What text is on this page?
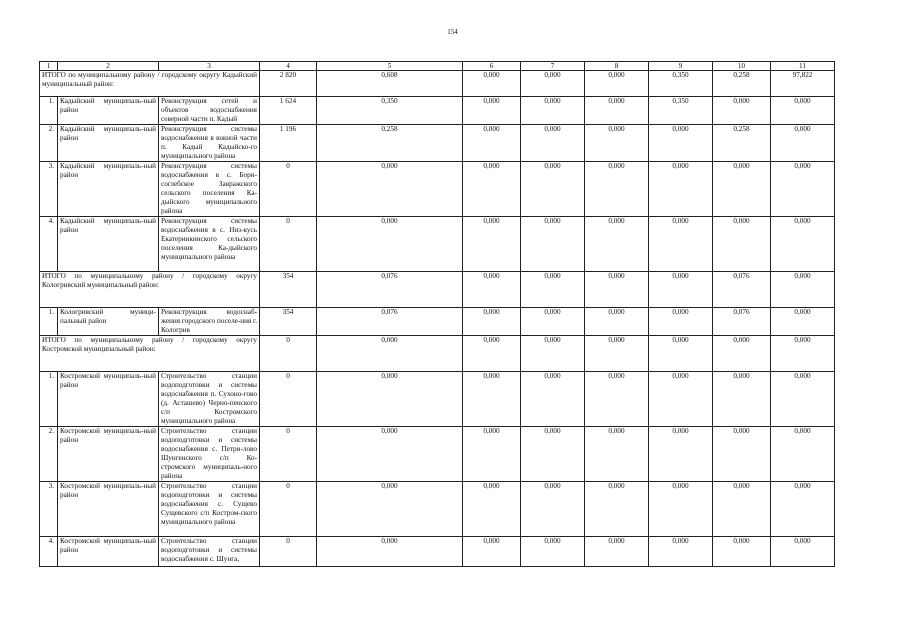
154
1	2	3	4	5	6	7	8	9	10	11
ИТОГО по муниципальному району / городскому округу Кадыйский муниципальный район:			2 820	0,608	0,000	0,000	0,000	0,350	0,258	97,822
1.	Кадыйский муниципаль-ный район	Реконструкция сетей и объектов водоснабжения северной части п. Кадый	1 624	0,350	0,000	0,000	0,000	0,350	0,000	0,000
2.	Кадыйский муниципаль-ный район	Реконструкция системы водоснабжения в южной части п. Кадый Кадыйско-го муниципального района	1 196	0,258	0,000	0,000	0,000	0,000	0,258	0,000
3.	Кадыйский муниципаль-ный район	Реконструкция системы водоснабжения в с. Бори-соглебское Завражского сельского поселения Ка-дыйского муниципального района	0	0,000	0,000	0,000	0,000	0,000	0,000	0,000
4.	Кадыйский муниципаль-ный район	Реконструкция системы водоснабжения в с. Низ-кусь Екатеринкинского сельского поселения Ка-дыйского муниципального района	0	0,000	0,000	0,000	0,000	0,000	0,000	0,000
ИТОГО по муниципальному району / городскому округу Кологривский муниципальный район:			354	0,076	0,000	0,000	0,000	0,000	0,076	0,000
1.	Кологривский муници-пальный район	Реконструкция водоснаб-жения городского поселе-ния г. Кологрив	354	0,076	0,000	0,000	0,000	0,000	0,076	0,000
ИТОГО по муниципальному району / городскому округу Костромской муниципальный район:			0	0,000	0,000	0,000	0,000	0,000	0,000	0,000
1.	Костромской муниципаль-ный район	Строительство станции водоподготовки и системы водоснабжения п. Сухоно-гово (д. Асташево) Черно-пенского с/п Костромского муниципального района	0	0,000	0,000	0,000	0,000	0,000	0,000	0,000
2.	Костромской муниципаль-ный район	Строительство станции водоподготовки и системы водоснабжения с. Петри-лово Шунгенского с/п Ко-стромского муниципаль-ного района	0	0,000	0,000	0,000	0,000	0,000	0,000	0,000
3.	Костромской муниципаль-ный район	Строительство станции водоподготовки и системы водоснабжения с. Сущево Сущевского с/п Костром-ского муниципального района	0	0,000	0,000	0,000	0,000	0,000	0,000	0,000
4.	Костромской муниципаль-ный район	Строительство станции водоподготовки и системы водоснабжения с. Шунга,	0	0,000	0,000	0,000	0,000	0,000	0,000	0,000
